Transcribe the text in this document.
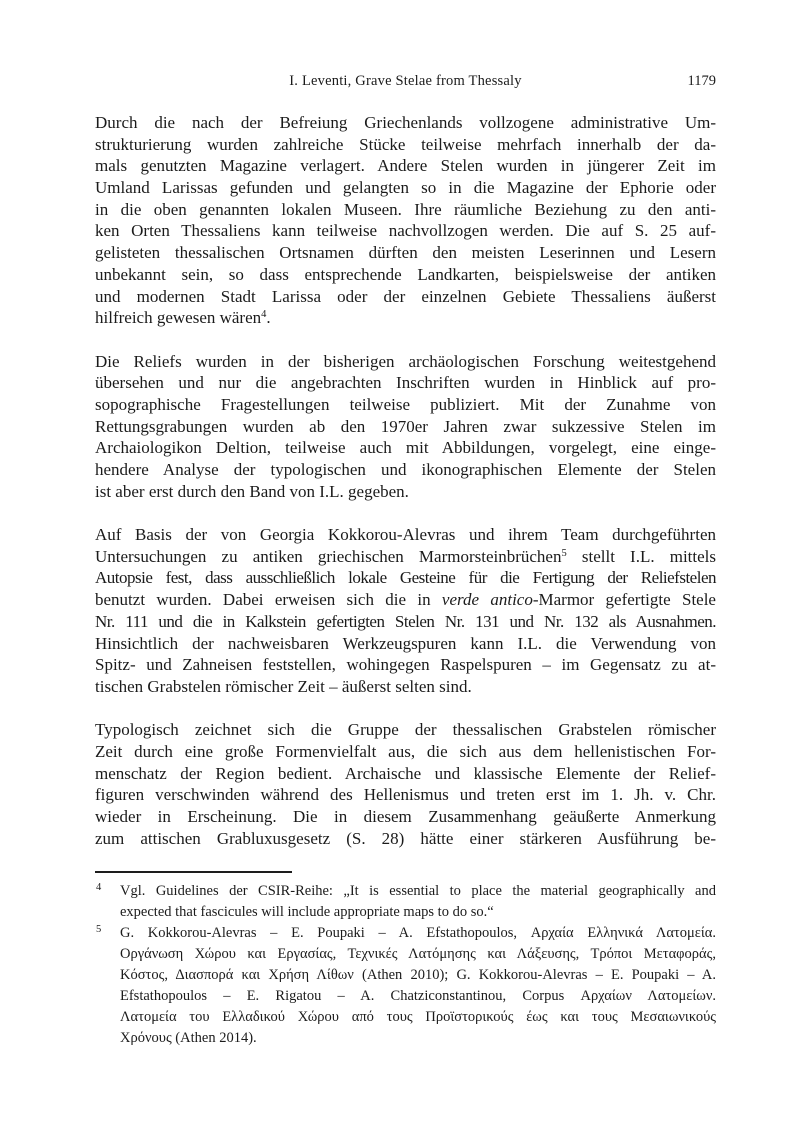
I. Leventi, Grave Stelae from Thessaly	1179
Durch die nach der Befreiung Griechenlands vollzogene administrative Um-
strukturierung wurden zahlreiche Stücke teilweise mehrfach innerhalb der da-
mals genutzten Magazine verlagert. Andere Stelen wurden in jüngerer Zeit im
Umland Larissas gefunden und gelangten so in die Magazine der Ephorie oder
in die oben genannten lokalen Museen. Ihre räumliche Beziehung zu den anti-
ken Orten Thessaliens kann teilweise nachvollzogen werden. Die auf S. 25 auf-
gelisteten thessalischen Ortsnamen dürften den meisten Leserinnen und Lesern
unbekannt sein, so dass entsprechende Landkarten, beispielsweise der antiken
und modernen Stadt Larissa oder der einzelnen Gebiete Thessaliens äußerst
hilfreich gewesen wären$^4$.
Die Reliefs wurden in der bisherigen archäologischen Forschung weitestgehend
übersehen und nur die angebrachten Inschriften wurden in Hinblick auf pro-
sopographische Fragestellungen teilweise publiziert. Mit der Zunahme von
Rettungsgrabungen wurden ab den 1970er Jahren zwar sukzessive Stelen im
Archaiologikon Deltion, teilweise auch mit Abbildungen, vorgelegt, eine einge-
hendere Analyse der typologischen und ikonographischen Elemente der Stelen
ist aber erst durch den Band von I.L. gegeben.
Auf Basis der von Georgia Kokkorou-Alevras und ihrem Team durchgeführten
Untersuchungen zu antiken griechischen Marmorsteinbrüchen$^5$ stellt I.L. mittels
Autopsie fest, dass ausschließlich lokale Gesteine für die Fertigung der Reliefstelen
benutzt wurden. Dabei erweisen sich die in verde antico-Marmor gefertigte Stele
Nr. 111 und die in Kalkstein gefertigten Stelen Nr. 131 und Nr. 132 als Ausnahmen.
Hinsichtlich der nachweisbaren Werkzeugspuren kann I.L. die Verwendung von
Spitz- und Zahneisen feststellen, wohingegen Raspelspuren – im Gegensatz zu at-
tischen Grabstelen römischer Zeit – äußerst selten sind.
Typologisch zeichnet sich die Gruppe der thessalischen Grabstelen römischer
Zeit durch eine große Formenvielfalt aus, die sich aus dem hellenistischen For-
menschatz der Region bedient. Archaische und klassische Elemente der Relief-
figuren verschwinden während des Hellenismus und treten erst im 1. Jh. v. Chr.
wieder in Erscheinung. Die in diesem Zusammenhang geäußerte Anmerkung
zum attischen Grabluxusgesetz (S. 28) hätte einer stärkeren Ausführung be-
4 Vgl. Guidelines der CSIR-Reihe: „It is essential to place the material geographically and
expected that fascicules will include appropriate maps to do so.“
5 G. Kokkorou-Alevras – E. Poupaki – A. Efstathopoulos, Αρχαία Ελληνικά Λατομεία.
Οργάνωση Χώρου και Εργασίας, Τεχνικές Λατόμησης και Λάξευσης, Τρόποι Μεταφοράς,
Κόστος, Διασπορά και Χρήση Λίθων (Athen 2010); G. Kokkorou-Alevras – E. Poupaki – A.
Efstathopoulos – E. Rigatou – A. Chatziconstantinou, Corpus Αρχαίων Λατομείων.
Λατομεία του Ελλαδικού Χώρου από τους Προϊστορικούς έως και τους Μεσαιωνικούς
Χρόνους (Athen 2014).
